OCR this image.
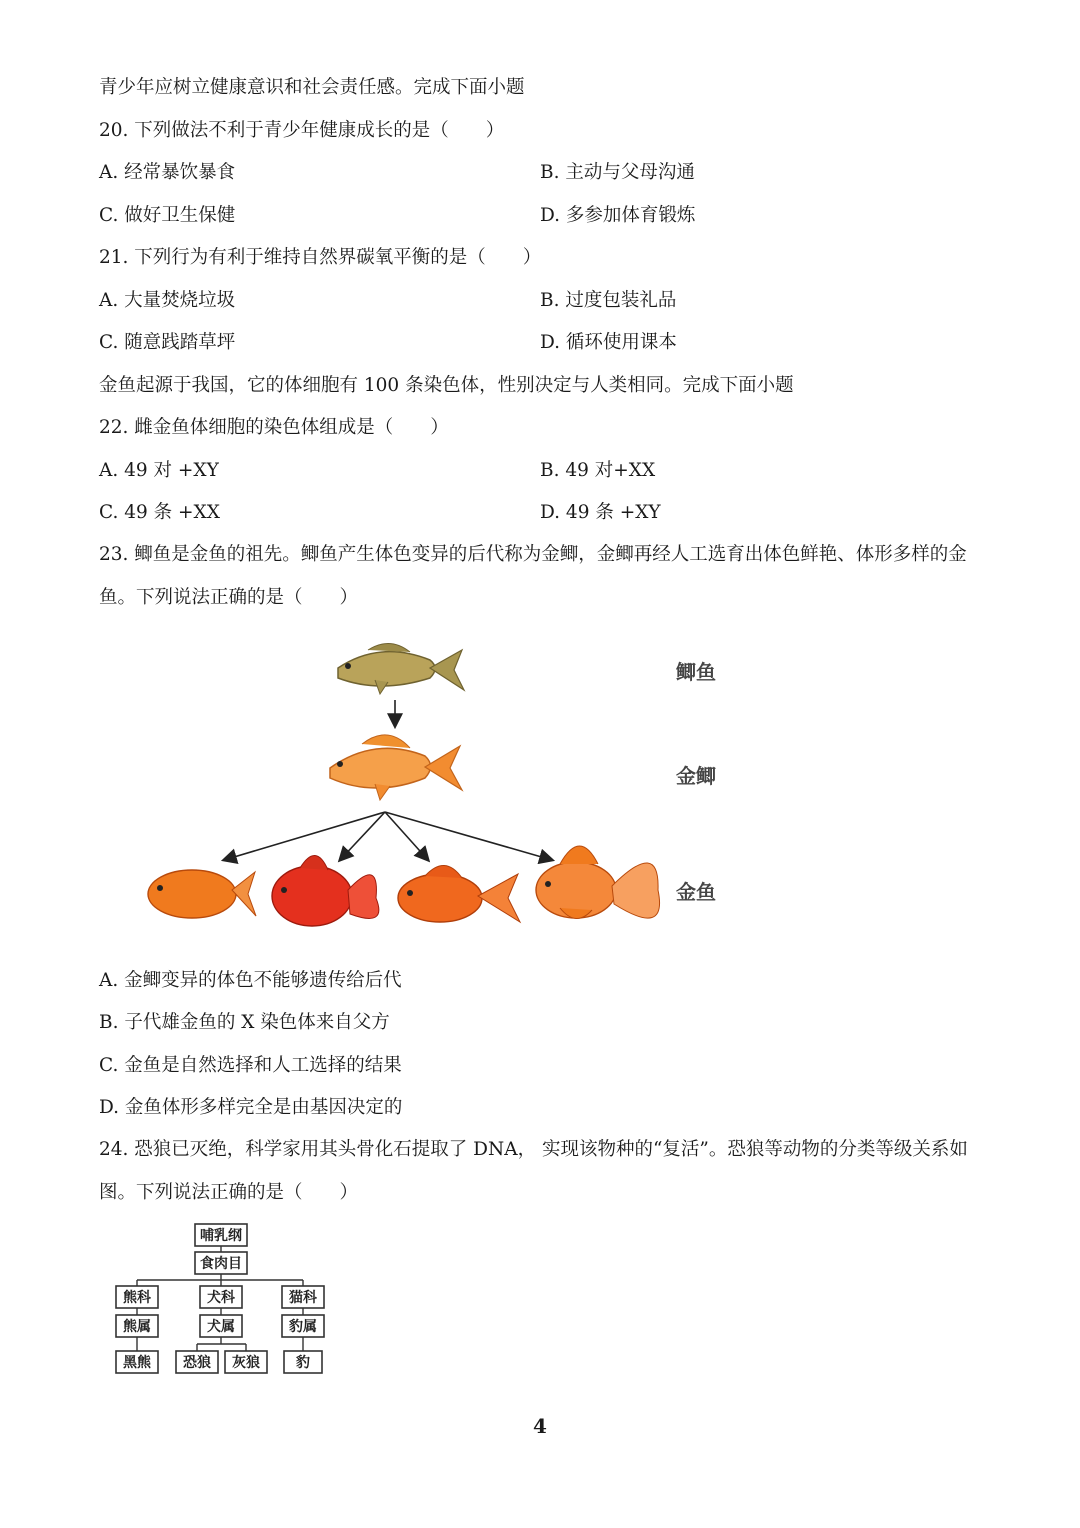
青少年应树立健康意识和社会责任感。完成下面小题
20. 下列做法不利于青少年健康成长的是（　　）
A. 经常暴饮暴食	B. 主动与父母沟通
C. 做好卫生保健	D. 多参加体育锻炼
21. 下列行为有利于维持自然界碳氧平衡的是（　　）
A. 大量焚烧垃圾	B. 过度包装礼品
C. 随意践踏草坪	D. 循环使用课本
金鱼起源于我国，它的体细胞有 100 条染色体，性别决定与人类相同。完成下面小题
22. 雌金鱼体细胞的染色体组成是（　　）
A. 49 对 +XY	B. 49 对+XX
C. 49 条 +XX	D. 49 条 +XY
23. 鲫鱼是金鱼的祖先。鲫鱼产生体色变异的后代称为金鲫，金鲫再经人工选育出体色鲜艳、体形多样的金鱼。下列说法正确的是（　　）
鲫鱼
金鲫
金鱼
A. 金鲫变异的体色不能够遗传给后代
B. 子代雄金鱼的 X 染色体来自父方
C. 金鱼是自然选择和人工选择的结果
D. 金鱼体形多样完全是由基因决定的
24. 恐狼已灭绝，科学家用其头骨化石提取了 DNA， 实现该物种的“复活”。恐狼等动物的分类等级关系如图。下列说法正确的是（　　）
哺乳纲
食肉目
熊科	犬科	猫科
熊属	犬属	豹属
黑熊 恐狼 灰狼	豹
4
